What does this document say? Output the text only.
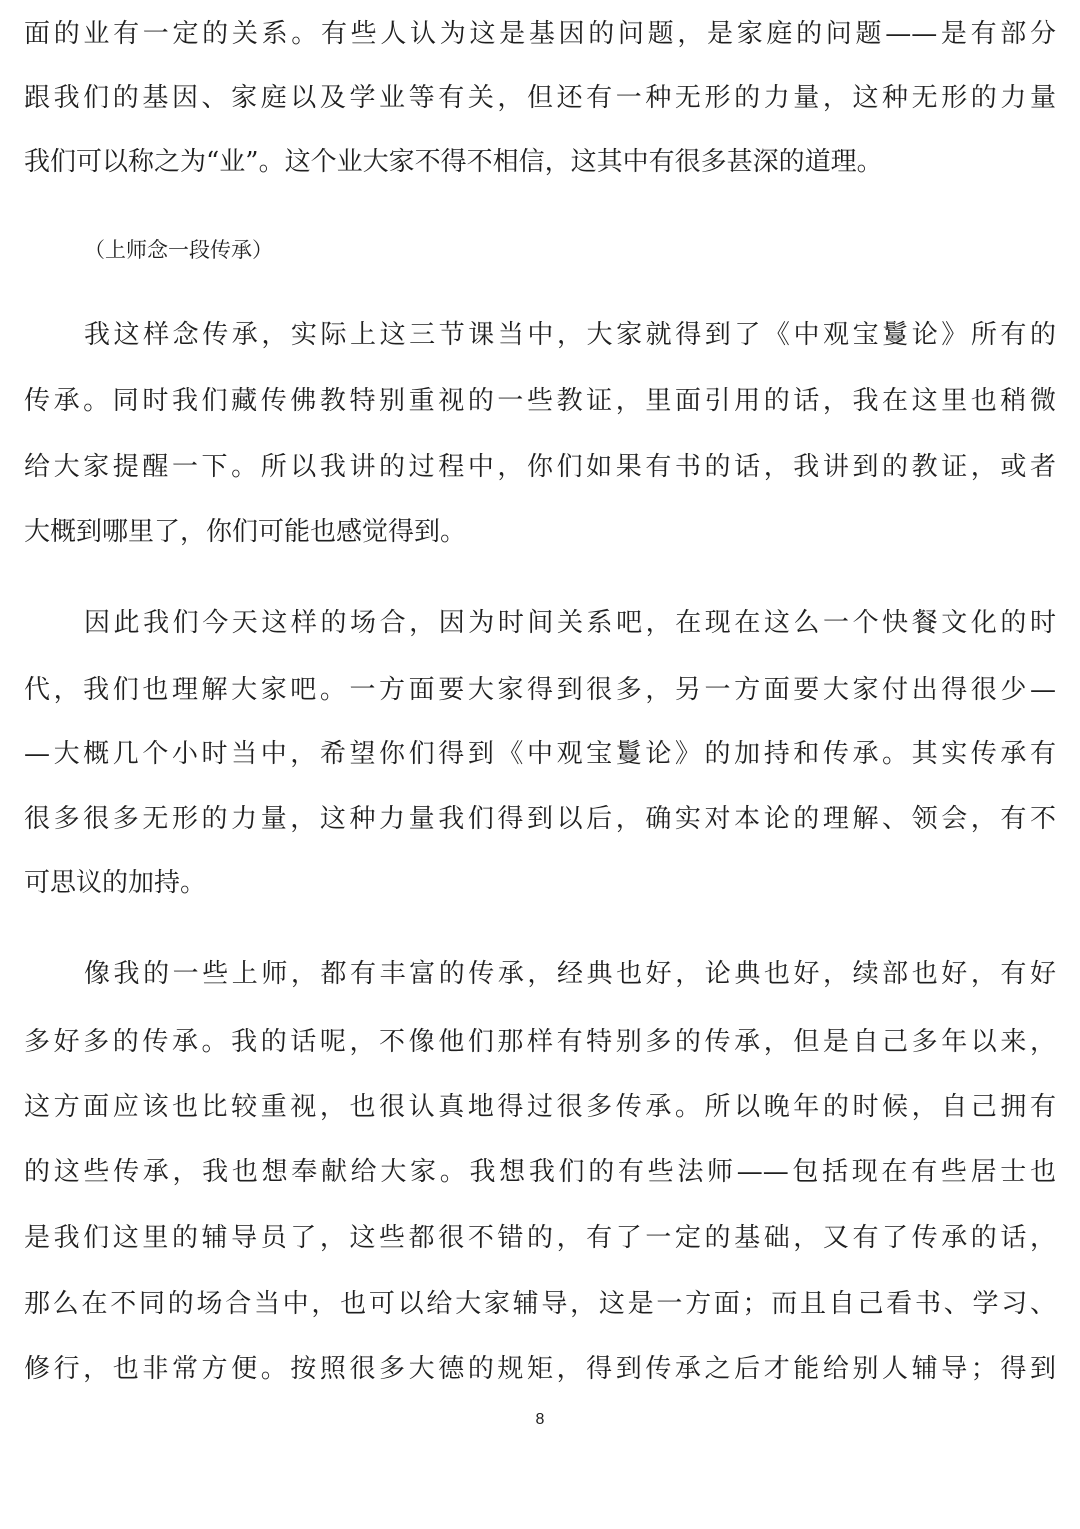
面的业有一定的关系。有些人认为这是基因的问题，是家庭的问题——是有部分
跟我们的基因、家庭以及学业等有关，但还有一种无形的力量，这种无形的力量
我们可以称之为“业”。这个业大家不得不相信，这其中有很多甚深的道理。
（上师念一段传承）
我这样念传承，实际上这三节课当中，大家就得到了《中观宝鬘论》所有的
传承。同时我们藏传佛教特别重视的一些教证，里面引用的话，我在这里也稍微
给大家提醒一下。所以我讲的过程中，你们如果有书的话，我讲到的教证，或者
大概到哪里了，你们可能也感觉得到。
因此我们今天这样的场合，因为时间关系吧，在现在这么一个快餐文化的时
代，我们也理解大家吧。一方面要大家得到很多，另一方面要大家付出得很少—
—大概几个小时当中，希望你们得到《中观宝鬘论》的加持和传承。其实传承有
很多很多无形的力量，这种力量我们得到以后，确实对本论的理解、领会，有不
可思议的加持。
像我的一些上师，都有丰富的传承，经典也好，论典也好，续部也好，有好
多好多的传承。我的话呢，不像他们那样有特别多的传承，但是自己多年以来，
这方面应该也比较重视，也很认真地得过很多传承。所以晚年的时候，自己拥有
的这些传承，我也想奉献给大家。我想我们的有些法师——包括现在有些居士也
是我们这里的辅导员了，这些都很不错的，有了一定的基础，又有了传承的话，
那么在不同的场合当中，也可以给大家辅导，这是一方面；而且自己看书、学习、
修行，也非常方便。按照很多大德的规矩，得到传承之后才能给别人辅导；得到
8
